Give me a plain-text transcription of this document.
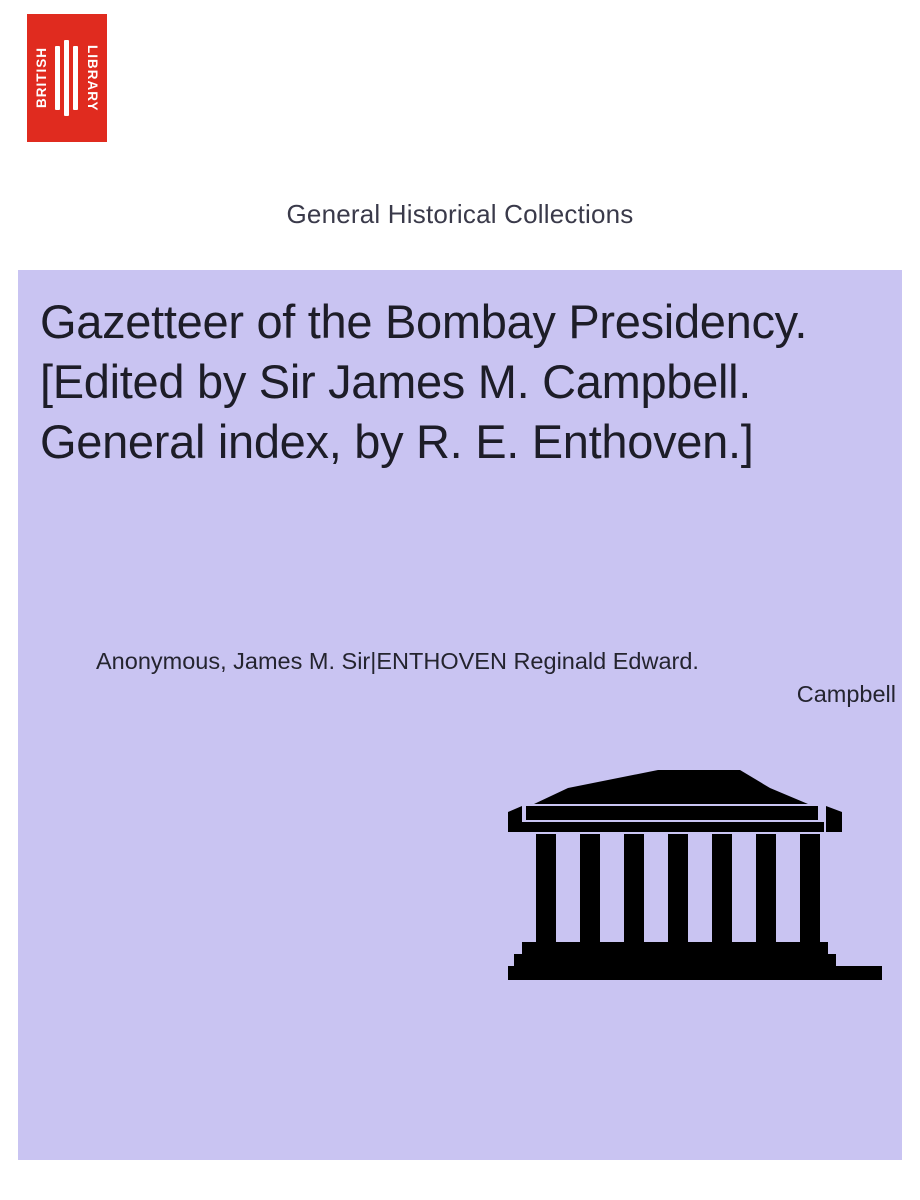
BRITISH	LIBRARY
General Historical Collections
Gazetteer of the Bombay Presidency. [Edited by Sir James M. Campbell. General index, by R. E. Enthoven.]
Anonymous, James M. Sir|ENTHOVEN Reginald Edward.
Campbell
